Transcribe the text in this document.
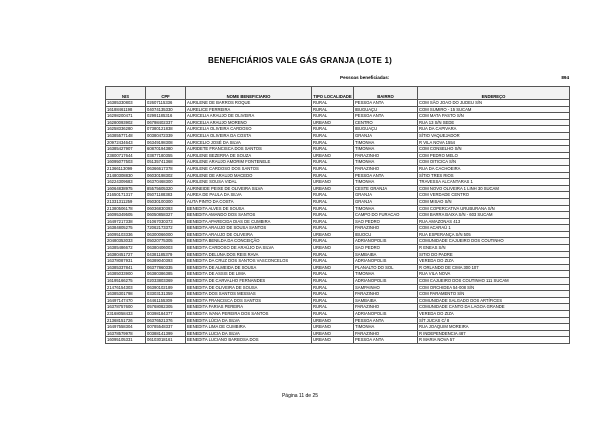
BENEFICIÁRIOS VALE GÁS GRANJA (LOTE 1)
Pessoas beneficiadas:	894
NIS	CPF	NOME BENEFICIARIO	TIPO LOCALIDADE	BAIRRO	ENDEREÇO
16385330803	02607115336	AURILENE DE BARROS ROQUE	RURAL	PESSOA ANTA	COM SÃO JOAO DO JUDEU S/N
16188461198	04074135330	AURELICE FERREIRA	RURAL	IBUGUAÇU	COM SUMIRO - 15 SUCAM
16298200471	02991185316	AURICELIA ARAUJO DE OLIVEIRA	RURAL	PESSOA ANTA	COM MATA PASTO S/N
16280093902	06798402337	AURICELIA ARAUJO MORENO	URBANO	CENTRO	RUA 13 S/N SEDE
16258336280	07380121838	AURICELIA OLIVEIRA CARDOSO	RURAL	IBUGUAÇU	RUA DA CAPIVARA
16385577148	00380472339	AURICELIA OLIVEIRA DA COSTA	RURAL	GRANJA	SÍTIO VAQUEJADOR
20972434643	06349198308	AURICELIO JOSÉ DA SILVA	RURAL	TIMONHA	R VILA NOVA 1554
16385427907	60870194380	AURIDETE FRANCISCA DOS SANTOS	RURAL	TIMONHA	COM CONSELHO S/N
23800717644	03877180355	AURILENE BEZERRA DE SOUZA	URBANO	PARAZINHO	COM PEDRO MELO
16095077503	05135741368	AURILENE ARAUJO AMORIM FONTENELE	RURAL	TIMONHA	COM OITICICA S/N
21366113099	06366617378	AURILENE CARDOSO DOS SANTOS	RURAL	PARAZINHO	RUA DA CACHOEIRA
21480308830	06030198302	AURILENE DE ARAUJO MACEDO	RURAL	PESSOA ANTA	SÍTIO TRES RIOS
16224309683	06370468300	AURILENE SOUSA VIDAL	URBANO	TIMONHA	TRAVESSA ALCANTARAS 1
16064838975	85575605320	AURINEIDE PEIXE DE OLIVEIRA SILVA	URBANO	CESTE GRANJA	COM NOVO OLIVEIRA 1 LINH 30 SUCAM
21650171317	05071188383	AUREA DE PAULA DA SILVA	RURAL	GRANJA	COM VERDADE CENTRO
21331311259	05030100300	AUTA PINTO DA COSTA	RURAL	GRANJA	COM MISAO S/N
21380506178	06036830393	BENEDITA ALVES DE SOUSA	RURAL	TIMONHA	COM COPERCATIVA URUBURANA S/N
16095349505	06050858327	BENEDITA AMANDO DOS SANTOS	RURAL	CAMPO DO FURACAO	COM BARRA BAIXA S/N - 603 SUCAM
16497217338	01067030373	BENEDITA APARECIDA DIAS DE CUMBIRA	RURAL	SAO PEDRO	RUA AMAZONAS 413
16384805275	72062173372	BENEDITA ARAUJO DE SOUSA SANTOS	RURAL	PARAZINHO	COM ACARAÚ 1
16095103336	06300066000	BENEDITA ARAUJO DE OLIVEIRA	URBANO	IBUOCU	RUA ESPERANÇA S/N 505
20480353033	05020775305	BENEDITA BENILDA DA CONCEIÇÃO	RURAL	ADRIANOPOLIS	COMUNIDADE CAJUEIRO DOS COUTINHO
16385486672	06380406003	BENEDITA CARDOSO DE ARAÚJO DA SILVA	URBANO	SAO PEDRO	R ENEAS S/N
16380451727	04381185379	BENEDITA DELUNA DOS REIS RAVA	RURAL	SAMBAIBA	SITIO DO PADRE
16378087931	06389040393	BENEDITA DA CRUZ DOS SANTOS VASCONCELOS	RURAL	ADRIANOPOLIS	VEREDA DO ZIZA
16385337841	06377860335	BENEDITA DE ALMEIDA DE SOUSA	URBANO	PLANALTO DO SOL	R ORLANDO DE CIMA 300 107
16385033900	06380386385	BENEDITA DE ASSIS DE LIMA	RURAL	TIMONHA	RUA VILA NOVA
16195166275	02033803369	BENEDITA DE CARVALHO FERNANDES	RURAL	ADRIANOPOLIS	COM CAJUEIRO DOS COUTINHO 111 SUCAM
21476154303	06390102189	BENEDITA DE OLIVEIRA DE SOUSA	RURAL	SAMPAINHO	COM ORCHIDEA 54-008 S/N
16385301798	03303131359	BENEDITA DOS SANTOS MESSIAS	RURAL	PARAZINHO	COM PARAMENTO S/N
16497147470	04461155309	BENEDITA FRANCISCA DOS SANTOS	RURAL	SAMBAIBA	COMUNIDADE SALGADO DOS ARTÍFICES
16378757600	05768082305	BENEDITA FARIAS PEREIRA	RURAL	PARAZINHO	COMUNIDADE CANTO DA LAGOA GRANDE
23168058433	00398184377	BENEDITA IVANA PEREIRA DOS SANTOS	RURAL	ADRIANOPOLIS	VEREDA DO ZIZA
21368151726	06376521376	BENEDITA LÚCIA DA SILVA	URBANO	PESSOA ANTA	SÍT JUCAS C/ 8
16497558304	00785548337	BENEDITA LIMA DE CUMBIRA	URBANO	TIMONHA	RUA JOAQUIM MOREIRA
16378579978	00388141399	BENEDITA LUCIA DA SILVA	URBANO	PARAZINHO	R INDEPENDENCIA 487
16095105331	06103018161	BENEDITA LUCIANO BARBOSA DOS	URBANO	PESSOA ANTA	R MARIA NOVA 57
Página 11 de 25
